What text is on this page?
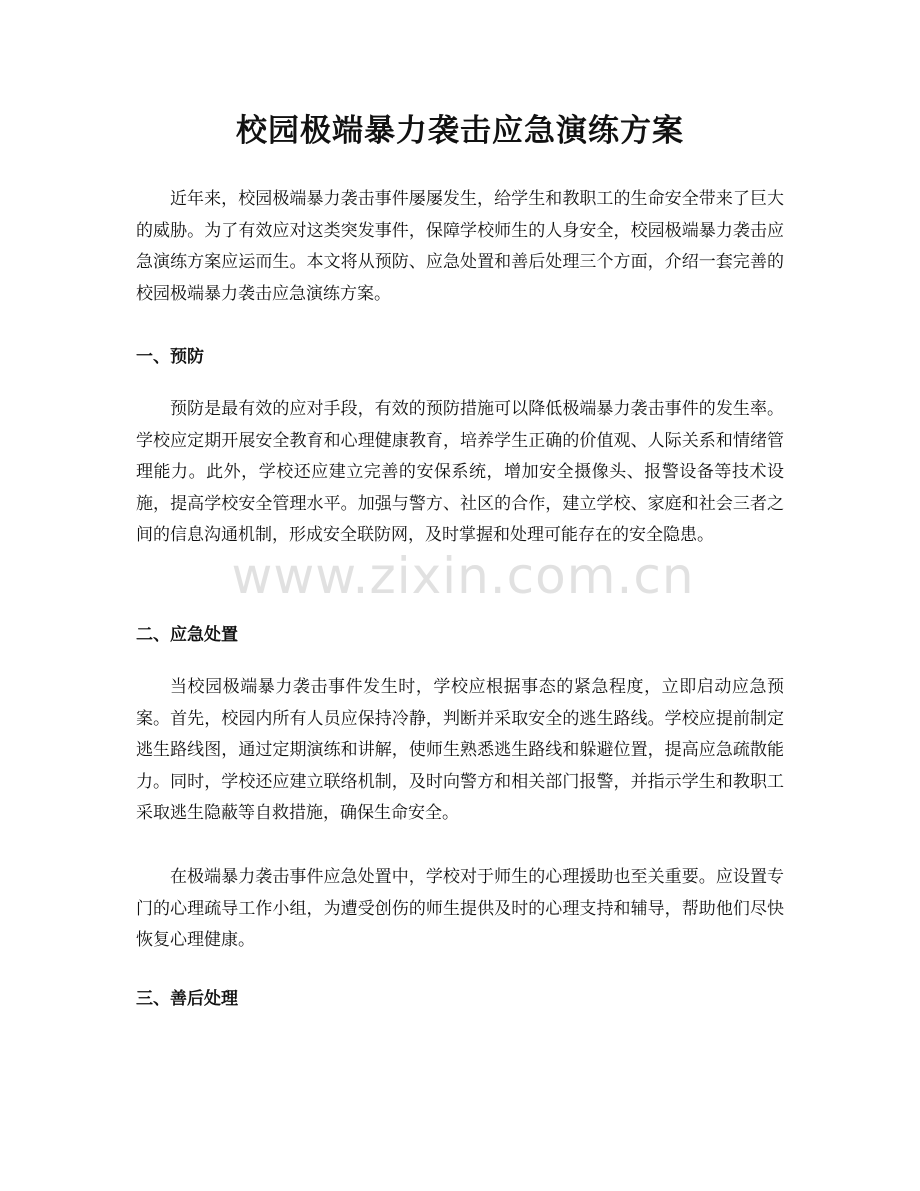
校园极端暴力袭击应急演练方案

近年来，校园极端暴力袭击事件屡屡发生，给学生和教职工的生命安全带来了巨大的威胁。为了有效应对这类突发事件，保障学校师生的人身安全，校园极端暴力袭击应急演练方案应运而生。本文将从预防、应急处置和善后处理三个方面，介绍一套完善的校园极端暴力袭击应急演练方案。

一、预防

预防是最有效的应对手段，有效的预防措施可以降低极端暴力袭击事件的发生率。学校应定期开展安全教育和心理健康教育，培养学生正确的价值观、人际关系和情绪管理能力。此外，学校还应建立完善的安保系统，增加安全摄像头、报警设备等技术设施，提高学校安全管理水平。加强与警方、社区的合作，建立学校、家庭和社会三者之间的信息沟通机制，形成安全联防网，及时掌握和处理可能存在的安全隐患。

二、应急处置

当校园极端暴力袭击事件发生时，学校应根据事态的紧急程度，立即启动应急预案。首先，校园内所有人员应保持冷静，判断并采取安全的逃生路线。学校应提前制定逃生路线图，通过定期演练和讲解，使师生熟悉逃生路线和躲避位置，提高应急疏散能力。同时，学校还应建立联络机制，及时向警方和相关部门报警，并指示学生和教职工采取逃生隐蔽等自救措施，确保生命安全。

在极端暴力袭击事件应急处置中，学校对于师生的心理援助也至关重要。应设置专门的心理疏导工作小组，为遭受创伤的师生提供及时的心理支持和辅导，帮助他们尽快恢复心理健康。

三、善后处理
www.zixin.com.cn
